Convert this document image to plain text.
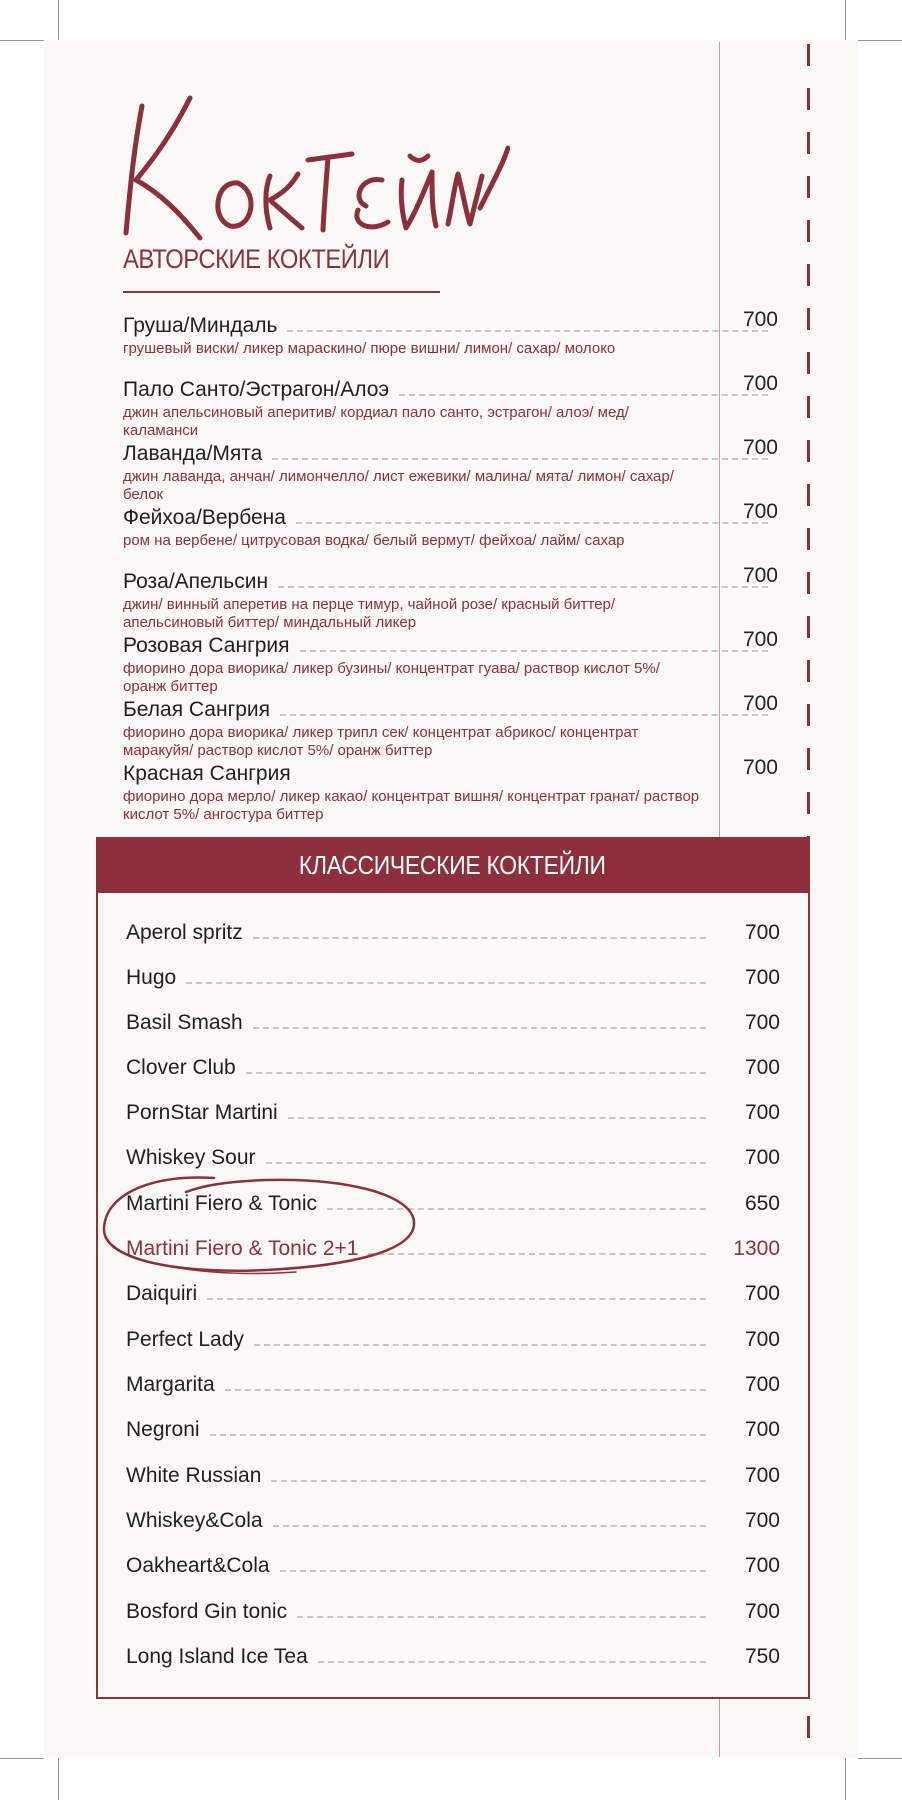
АВТОРСКИЕ КОКТЕЙЛИ
Груша/Миндаль	700
грушевый виски/ ликер мараскино/ пюре вишни/ лимон/ сахар/ молоко
Пало Санто/Эстрагон/Алоэ	700
джин апельсиновый аперитив/ кордиал пало санто, эстрагон/ алоэ/ мед/ каламанси
Лаванда/Мята	700
джин лаванда, анчан/ лимончелло/ лист ежевики/ малина/ мята/ лимон/ сахар/ белок
Фейхоа/Вербена	700
ром на вербене/ цитрусовая водка/ белый вермут/ фейхоа/ лайм/ сахар
Роза/Апельсин	700
джин/ винный аперетив на перце тимур, чайной розе/ красный биттер/ апельсиновый биттер/ миндальный ликер
Розовая Сангрия	700
фиорино дора виорика/ ликер бузины/ концентрат гуава/ раствор кислот 5%/ оранж биттер
Белая Сангрия	700
фиорино дора виорика/ ликер трипл сек/ концентрат абрикос/ концентрат маракуйя/ раствор кислот 5%/ оранж биттер
Красная Сангрия	700
фиорино дора мерло/ ликер какао/ концентрат вишня/ концентрат гранат/ раствор кислот 5%/ ангостура биттер
КЛАССИЧЕСКИЕ КОКТЕЙЛИ
Aperol spritz	700
Hugo	700
Basil Smash	700
Clover Club	700
PornStar Martini	700
Whiskey Sour	700
Martini Fiero & Tonic	650
Martini Fiero & Tonic 2+1	1300
Daiquiri	700
Perfect Lady	700
Margarita	700
Negroni	700
White Russian	700
Whiskey&Cola	700
Oakheart&Cola	700
Bosford Gin tonic	700
Long Island Ice Tea	750
